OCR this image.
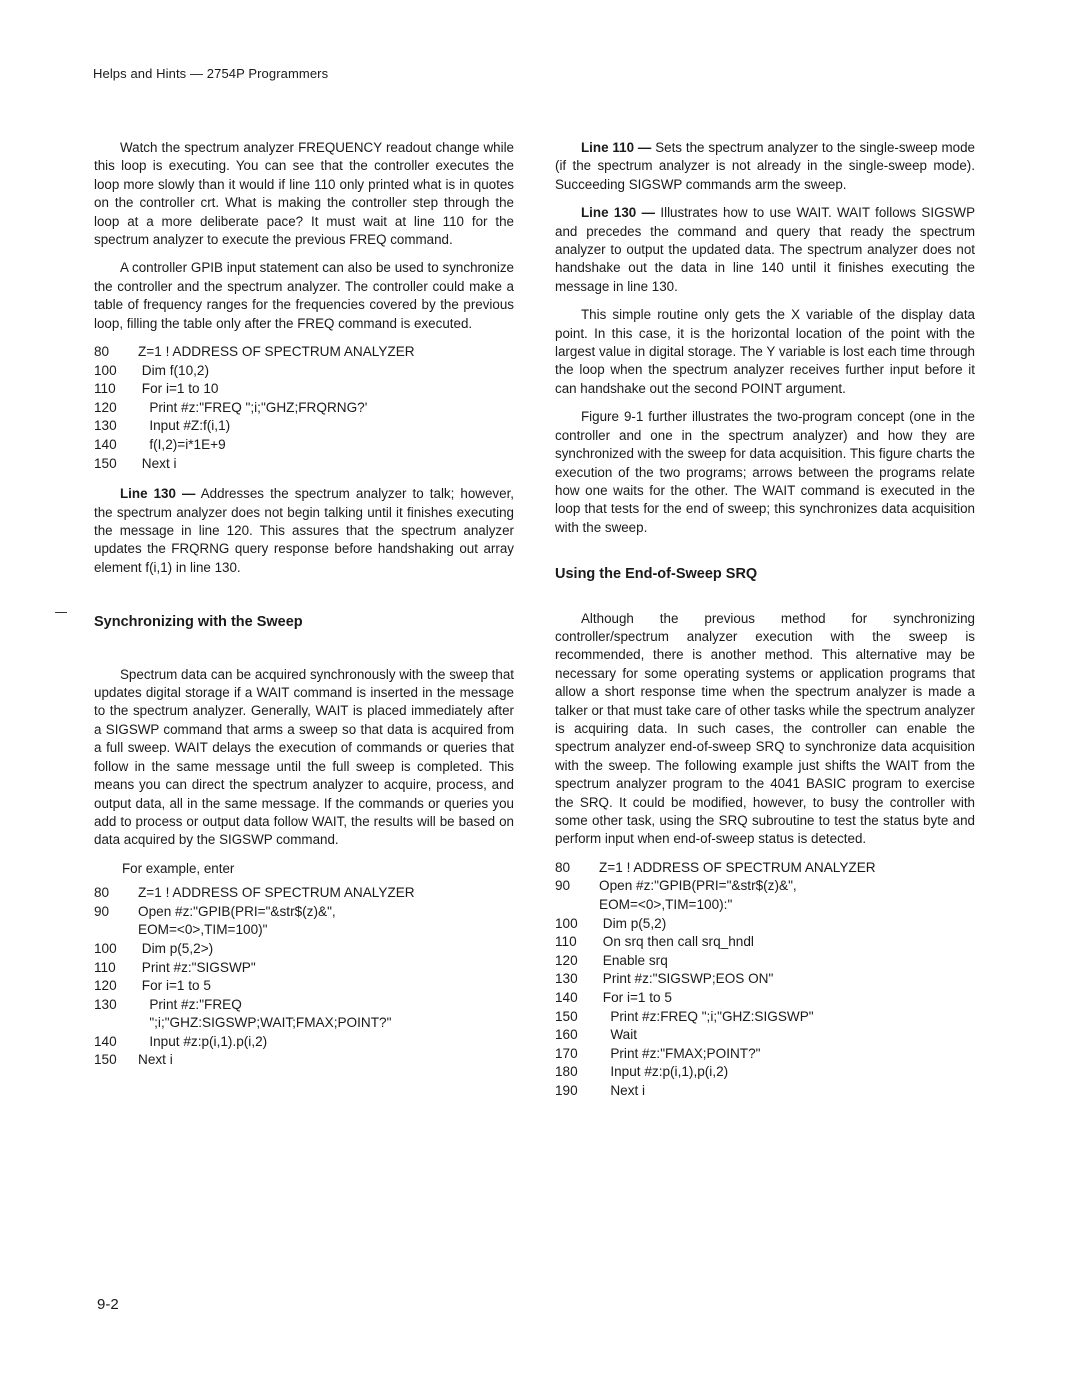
Helps and Hints — 2754P Programmers

Watch the spectrum analyzer FREQUENCY readout change while this loop is executing. You can see that the controller executes the loop more slowly than it would if line 110 only printed what is in quotes on the controller crt. What is making the controller step through the loop at a more deliberate pace? It must wait at line 110 for the spectrum analyzer to execute the previous FREQ command.

A controller GPIB input statement can also be used to synchronize the controller and the spectrum analyzer. The controller could make a table of frequency ranges for the frequencies covered by the previous loop, filling the table only after the FREQ command is executed.

80	Z=1 ! ADDRESS OF SPECTRUM ANALYZER
100	Dim f(10,2)
110	For i=1 to 10
120	Print #z:"FREQ ";i;"GHZ;FRQRNG?'
130	Input #Z:f(i,1)
140	f(I,2)=i*1E+9
150	Next i

Line 130 — Addresses the spectrum analyzer to talk; however, the spectrum analyzer does not begin talking until it finishes executing the message in line 120. This assures that the spectrum analyzer updates the FRQRNG query response before handshaking out array element f(i,1) in line 130.

Synchronizing with the Sweep

Spectrum data can be acquired synchronously with the sweep that updates digital storage if a WAIT command is inserted in the message to the spectrum analyzer. Generally, WAIT is placed immediately after a SIGSWP command that arms a sweep so that data is acquired from a full sweep. WAIT delays the execution of commands or queries that follow in the same message until the full sweep is completed. This means you can direct the spectrum analyzer to acquire, process, and output data, all in the same message. If the commands or queries you add to process or output data follow WAIT, the results will be based on data acquired by the SIGSWP command.

For example, enter
80	Z=1 ! ADDRESS OF SPECTRUM ANALYZER
90	Open #z:"GPIB(PRI="&str$(z)&",
EOM=<0>,TIM=100)"
100	Dim p(5,2>)
110	Print #z:"SIGSWP"
120	For i=1 to 5
130	Print #z:"FREQ
";i;"GHZ:SIGSWP;WAIT;FMAX;POINT?"
140	Input #z:p(i,1).p(i,2)
150	Next i

Line 110 — Sets the spectrum analyzer to the single-sweep mode (if the spectrum analyzer is not already in the single-sweep mode). Succeeding SIGSWP commands arm the sweep.

Line 130 — Illustrates how to use WAIT. WAIT follows SIGSWP and precedes the command and query that ready the spectrum analyzer to output the updated data. The spectrum analyzer does not handshake out the data in line 140 until it finishes executing the message in line 130.

This simple routine only gets the X variable of the display data point. In this case, it is the horizontal location of the point with the largest value in digital storage. The Y variable is lost each time through the loop when the spectrum analyzer receives further input before it can handshake out the second POINT argument.

Figure 9-1 further illustrates the two-program concept (one in the controller and one in the spectrum analyzer) and how they are synchronized with the sweep for data acquisition. This figure charts the execution of the two programs; arrows between the programs relate how one waits for the other. The WAIT command is executed in the loop that tests for the end of sweep; this synchronizes data acquisition with the sweep.

Using the End-of-Sweep SRQ

Although the previous method for synchronizing controller/spectrum analyzer execution with the sweep is recommended, there is another method. This alternative may be necessary for some operating systems or application programs that allow a short response time when the spectrum analyzer is made a talker or that must take care of other tasks while the spectrum analyzer is acquiring data. In such cases, the controller can enable the spectrum analyzer end-of-sweep SRQ to synchronize data acquisition with the sweep. The following example just shifts the WAIT from the spectrum analyzer program to the 4041 BASIC program to exercise the SRQ. It could be modified, however, to busy the controller with some other task, using the SRQ subroutine to test the status byte and perform input when end-of-sweep status is detected.

80	Z=1 ! ADDRESS OF SPECTRUM ANALYZER
90	Open #z:"GPIB(PRI="&str$(z)&",
EOM=<0>,TIM=100):"
100	Dim p(5,2)
110	On srq then call srq_hndl
120	Enable srq
130	Print #z:"SIGSWP;EOS ON"
140	For i=1 to 5
150	Print #z:FREQ ";i;"GHZ:SIGSWP"
160	Wait
170	Print #z:"FMAX;POINT?"
180	Input #z:p(i,1),p(i,2)
190	Next i
9-2
